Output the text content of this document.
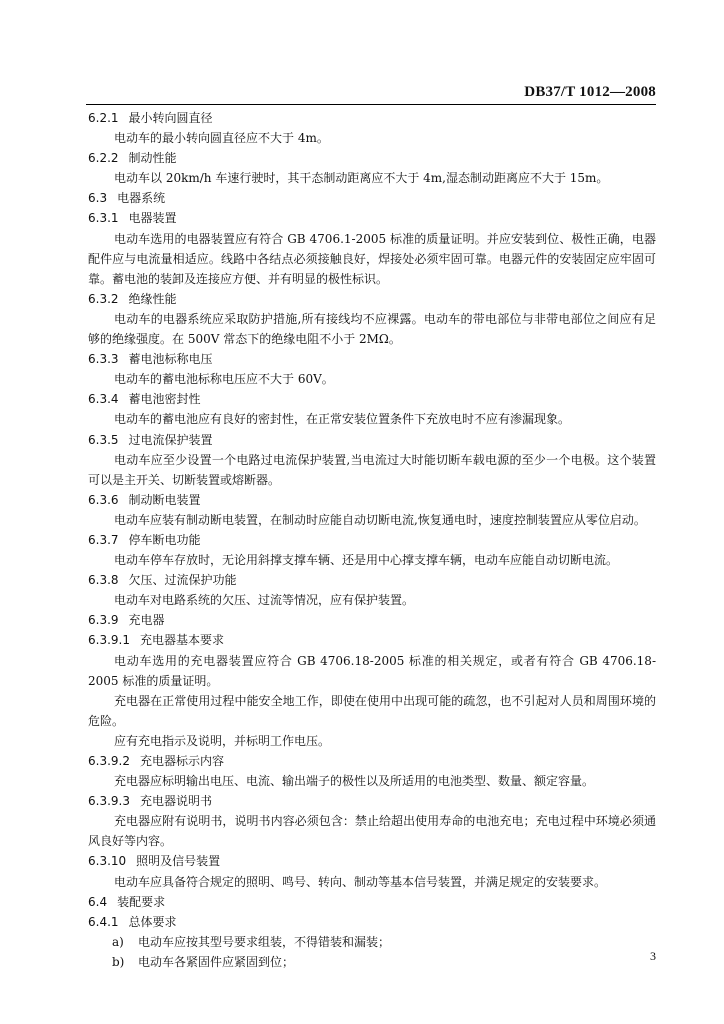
DB37/T 1012—2008
6.2.1 最小转向圆直径
电动车的最小转向圆直径应不大于 4m。
6.2.2 制动性能
电动车以 20km/h 车速行驶时，其干态制动距离应不大于 4m,湿态制动距离应不大于 15m。
6.3 电器系统
6.3.1 电器装置
电动车选用的电器装置应有符合 GB 4706.1-2005 标准的质量证明。并应安装到位、极性正确，电器配件应与电流量相适应。线路中各结点必须接触良好，焊接处必须牢固可靠。电器元件的安装固定应牢固可靠。蓄电池的装卸及连接应方便、并有明显的极性标识。
6.3.2 绝缘性能
电动车的电器系统应采取防护措施,所有接线均不应裸露。电动车的带电部位与非带电部位之间应有足够的绝缘强度。在 500V 常态下的绝缘电阻不小于 2MΩ。
6.3.3 蓄电池标称电压
电动车的蓄电池标称电压应不大于 60V。
6.3.4 蓄电池密封性
电动车的蓄电池应有良好的密封性，在正常安装位置条件下充放电时不应有渗漏现象。
6.3.5 过电流保护装置
电动车应至少设置一个电路过电流保护装置,当电流过大时能切断车载电源的至少一个电极。这个装置可以是主开关、切断装置或熔断器。
6.3.6 制动断电装置
电动车应装有制动断电装置，在制动时应能自动切断电流,恢复通电时，速度控制装置应从零位启动。
6.3.7 停车断电功能
电动车停车存放时，无论用斜撑支撑车辆、还是用中心撑支撑车辆，电动车应能自动切断电流。
6.3.8 欠压、过流保护功能
电动车对电路系统的欠压、过流等情况，应有保护装置。
6.3.9 充电器
6.3.9.1 充电器基本要求
电动车选用的充电器装置应符合 GB 4706.18-2005 标准的相关规定，或者有符合 GB 4706.18-2005 标准的质量证明。
充电器在正常使用过程中能安全地工作，即使在使用中出现可能的疏忽，也不引起对人员和周围环境的危险。
应有充电指示及说明，并标明工作电压。
6.3.9.2 充电器标示内容
充电器应标明输出电压、电流、输出端子的极性以及所适用的电池类型、数量、额定容量。
6.3.9.3 充电器说明书
充电器应附有说明书，说明书内容必须包含：禁止给超出使用寿命的电池充电；充电过程中环境必须通风良好等内容。
6.3.10 照明及信号装置
电动车应具备符合规定的照明、鸣号、转向、制动等基本信号装置，并满足规定的安装要求。
6.4 装配要求
6.4.1 总体要求
a) 电动车应按其型号要求组装，不得错装和漏装；
b) 电动车各紧固件应紧固到位；	3
